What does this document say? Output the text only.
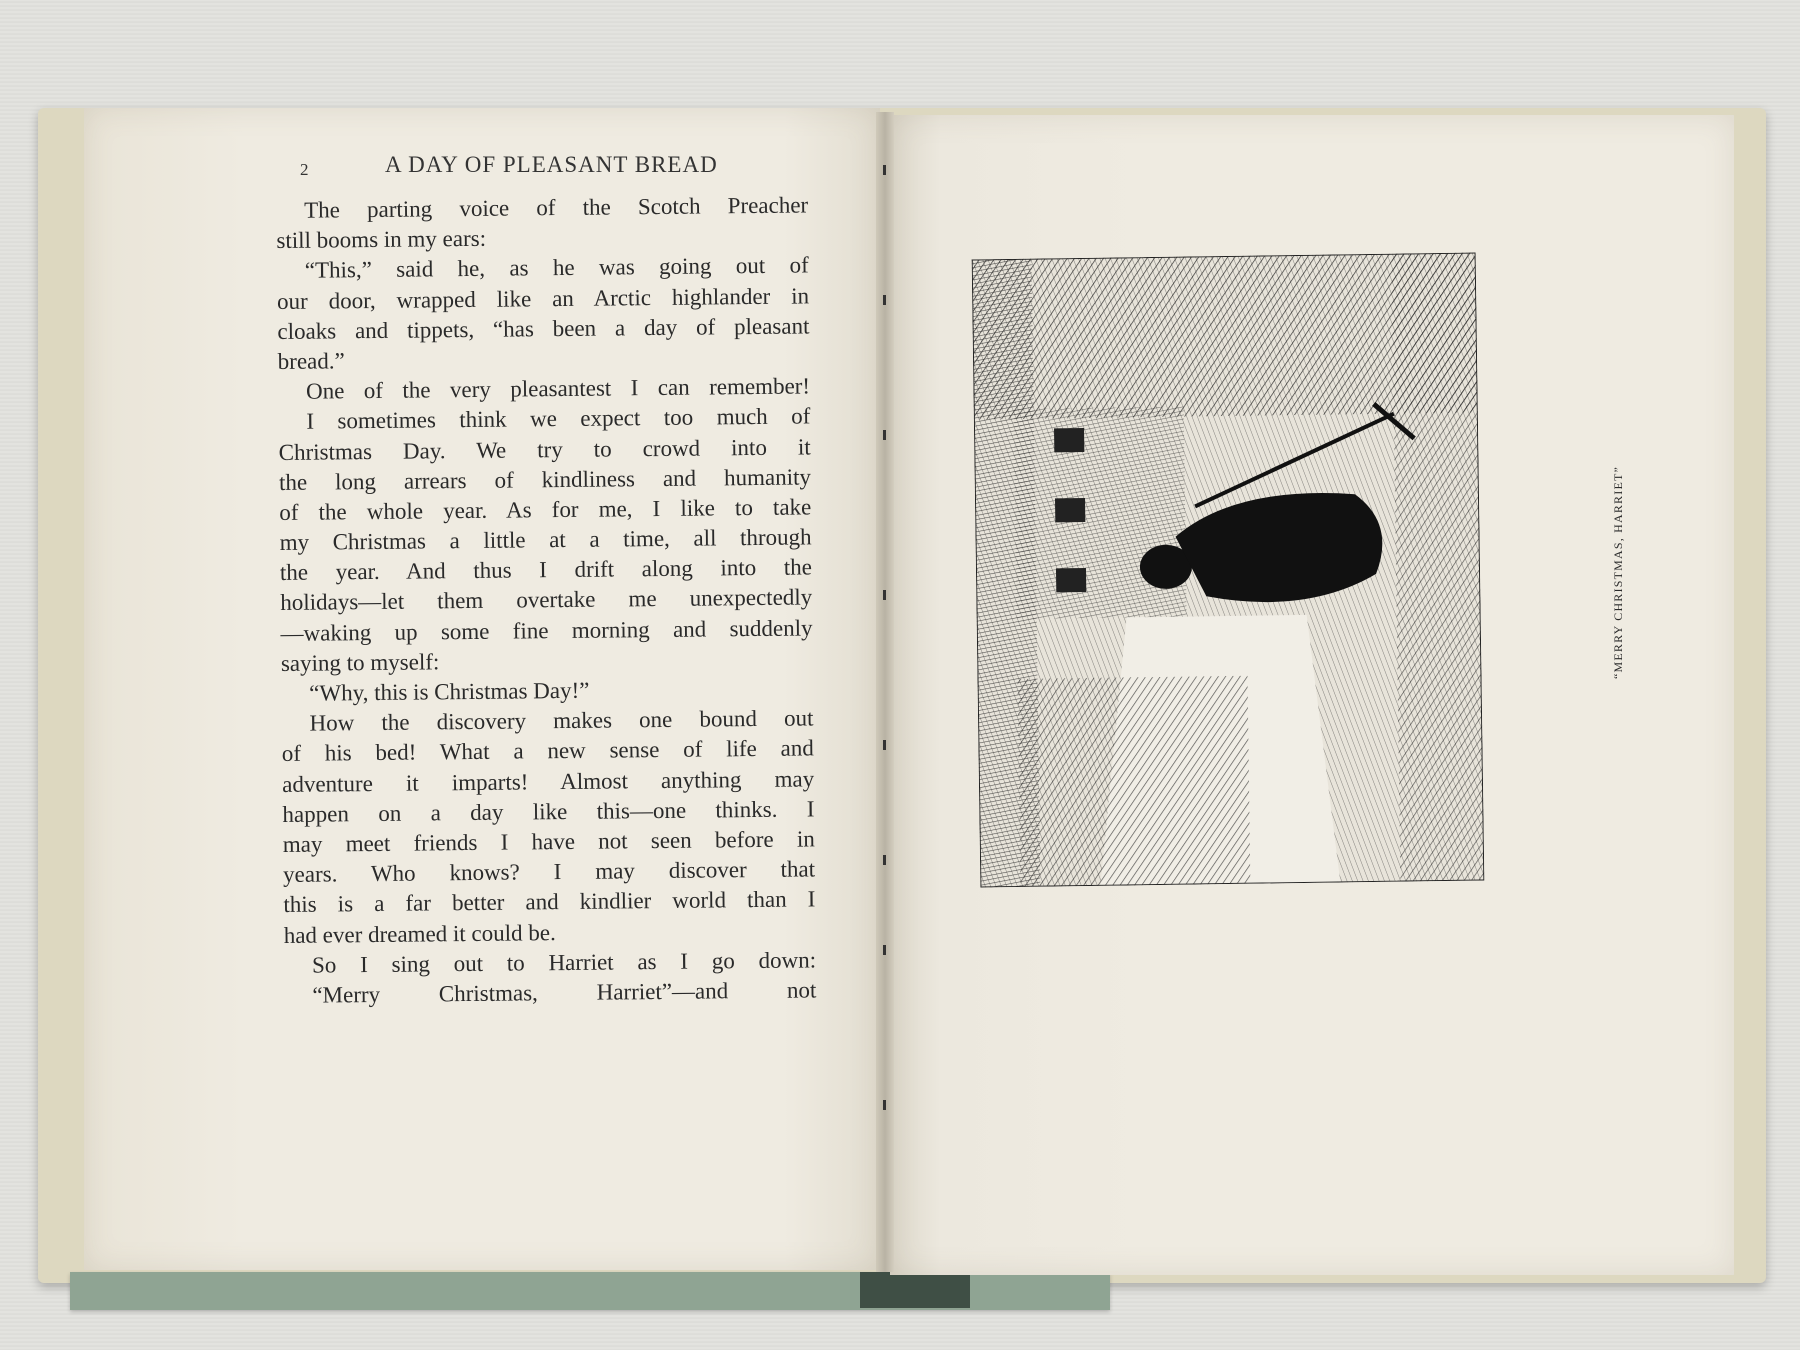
2	A DAY OF PLEASANT BREAD
The parting voice of the Scotch Preacher
still booms in my ears:
“This,” said he, as he was going out of
our door, wrapped like an Arctic highlander in
cloaks and tippets, “has been a day of pleasant
bread.”
One of the very pleasantest I can remember!
I sometimes think we expect too much of
Christmas Day. We try to crowd into it
the long arrears of kindliness and humanity
of the whole year. As for me, I like to take
my Christmas a little at a time, all through
the year. And thus I drift along into the
holidays—let them overtake me unexpectedly
—waking up some fine morning and suddenly
saying to myself:
“Why, this is Christmas Day!”
How the discovery makes one bound out
of his bed! What a new sense of life and
adventure it imparts! Almost anything may
happen on a day like this—one thinks. I
may meet friends I have not seen before in
years. Who knows? I may discover that
this is a far better and kindlier world than I
had ever dreamed it could be.
So I sing out to Harriet as I go down:
“Merry Christmas, Harriet”—and not
“MERRY CHRISTMAS, HARRIET”
